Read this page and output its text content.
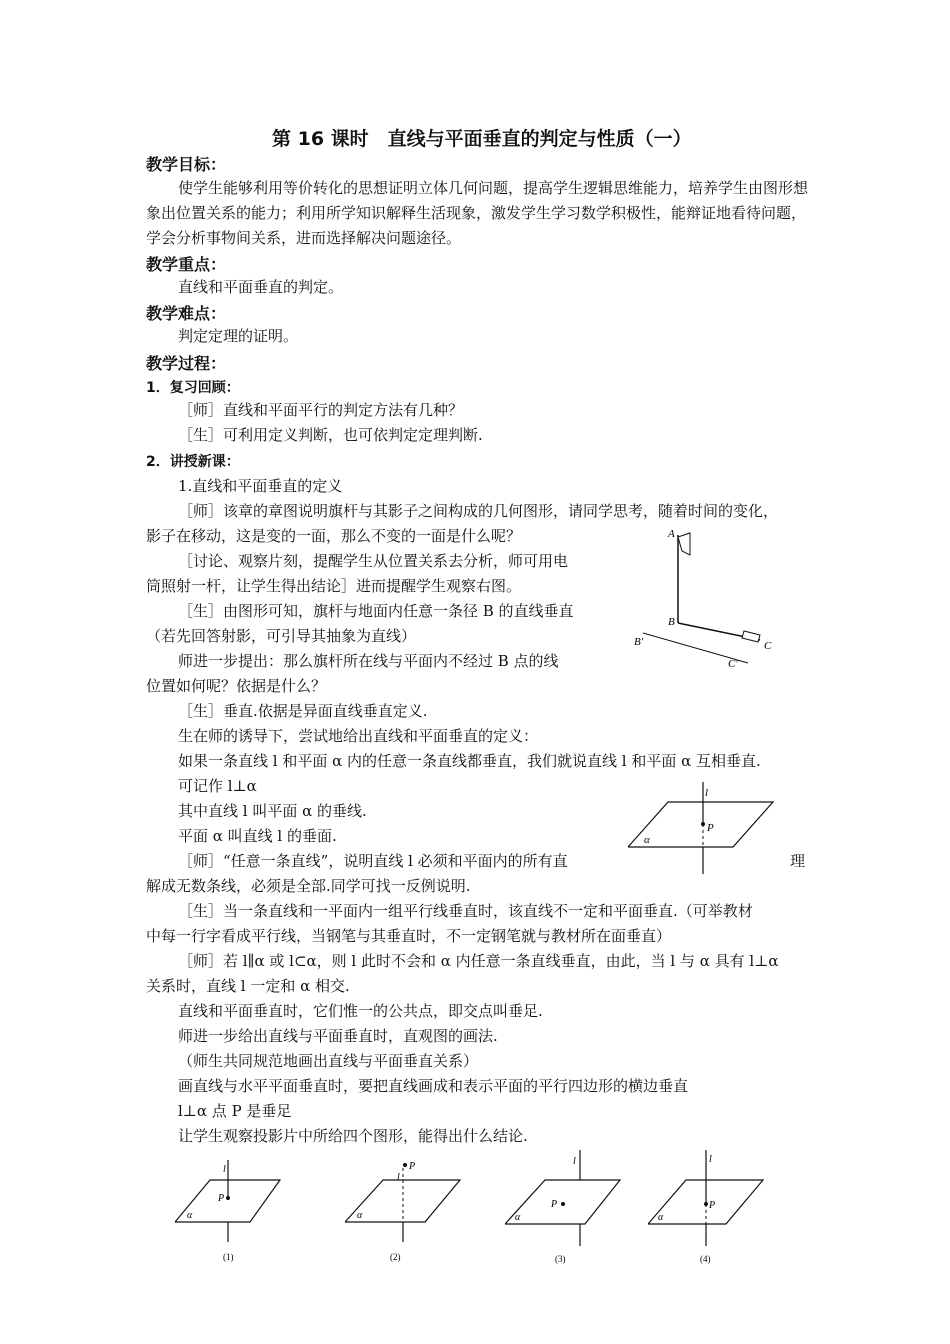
第 16 课时　直线与平面垂直的判定与性质（一）
教学目标：
使学生能够利用等价转化的思想证明立体几何问题，提高学生逻辑思维能力，培养学生由图形想象出位置关系的能力；利用所学知识解释生活现象，激发学生学习数学积极性，能辩证地看待问题，学会分析事物间关系，进而选择解决问题途径。
教学重点：
直线和平面垂直的判定。
教学难点：
判定定理的证明。
教学过程：
1．复习回顾：
［师］直线和平面平行的判定方法有几种？
［生］可利用定义判断，也可依判定定理判断.
2．讲授新课：
1.直线和平面垂直的定义
［师］该章的章图说明旗杆与其影子之间构成的几何图形，请同学思考，随着时间的变化，
影子在移动，这是变的一面，那么不变的一面是什么呢？
［讨论、观察片刻，提醒学生从位置关系去分析，师可用电
筒照射一杆，让学生得出结论］进而提醒学生观察右图。
［生］由图形可知，旗杆与地面内任意一条径 B 的直线垂直
（若先回答射影，可引导其抽象为直线）
师进一步提出：那么旗杆所在线与平面内不经过 B 点的线
位置如何呢？依据是什么？
［生］垂直.依据是异面直线垂直定义.
生在师的诱导下，尝试地给出直线和平面垂直的定义：
如果一条直线 l 和平面 α 内的任意一条直线都垂直，我们就说直线 l 和平面 α 互相垂直.
可记作 l⊥α
其中直线 l 叫平面 α 的垂线.
平面 α 叫直线 l 的垂面.
［师］“任意一条直线”，说明直线 l 必须和平面内的所有直	理
解成无数条线，必须是全部.同学可找一反例说明.
［生］当一条直线和一平面内一组平行线垂直时，该直线不一定和平面垂直.（可举教材
中每一行字看成平行线，当钢笔与其垂直时，不一定钢笔就与教材所在面垂直）
［师］若 l∥α 或 l⊂α，则 l 此时不会和 α 内任意一条直线垂直，由此，当 l 与 α 具有 l⊥α
关系时，直线 l 一定和 α 相交.
直线和平面垂直时，它们惟一的公共点，即交点叫垂足.
师进一步给出直线与平面垂直时，直观图的画法.
（师生共同规范地画出直线与平面垂直关系）
画直线与水平平面垂直时，要把直线画成和表示平面的平行四边形的横边垂直
l⊥α 点 P 是垂足
让学生观察投影片中所给四个图形，能得出什么结论.
A
B
C
B′
C′
l
P
α
l
P
α
(1)
l
P
α
(2)
l
P
α
(3)
l
P
α
(4)
